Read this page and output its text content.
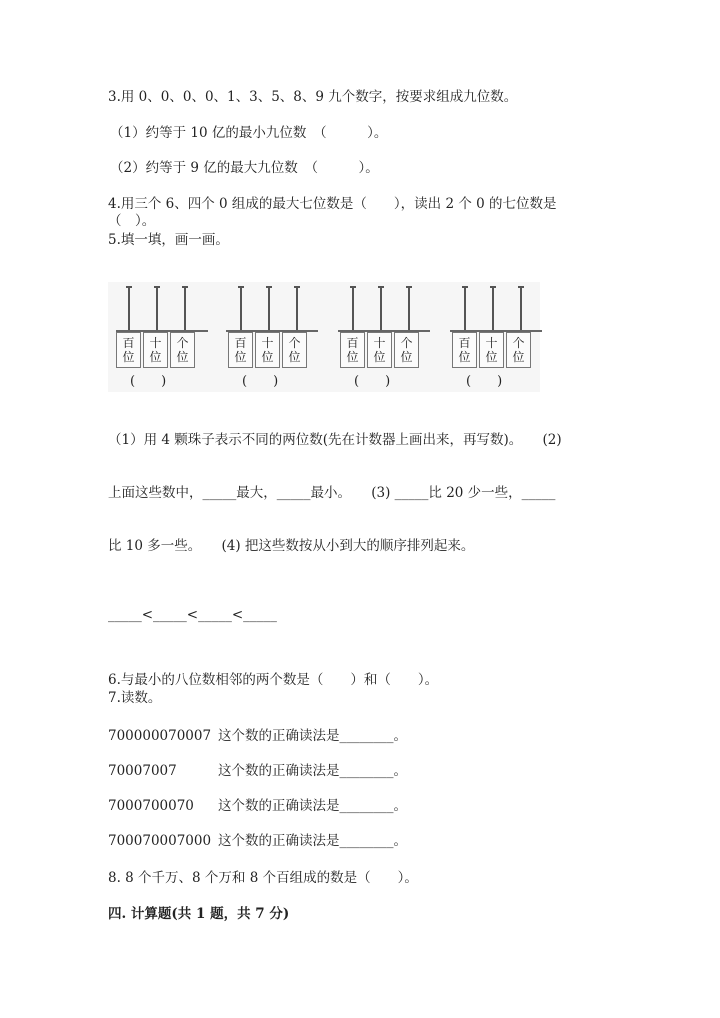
3.用 0、0、0、0、1、3、5、8、9 九个数字，按要求组成九位数。
（1）约等于 10 亿的最小九位数　（　　　）。
（2）约等于 9 亿的最大九位数　（　　　）。
4.用三个 6、四个 0 组成的最大七位数是（　　），读出 2 个 0 的七位数是
（　）。
5.填一填，画一画。
百
位
十
位
个
位
(　　)
百
位
十
位
个
位
(　　)
百
位
十
位
个
位
(　　)
百
位
十
位
个
位
(　　)
（1）用 4 颗珠子表示不同的两位数(先在计数器上画出来，再写数)。　　(2)
上面这些数中，_____最大，_____最小。　　(3) _____比 20 少一些，_____
比 10 多一些。　　(4) 把这些数按从小到大的顺序排列起来。
_____<_____<_____<_____
6.与最小的八位数相邻的两个数是（　　）和（　　）。
7.读数。
700000070007 这个数的正确读法是________。
70007007	这个数的正确读法是________。
7000700070 这个数的正确读法是________。
700070007000 这个数的正确读法是________。
8. 8 个千万、8 个万和 8 个百组成的数是（　　）。
四. 计算题(共 1 题，共 7 分)
